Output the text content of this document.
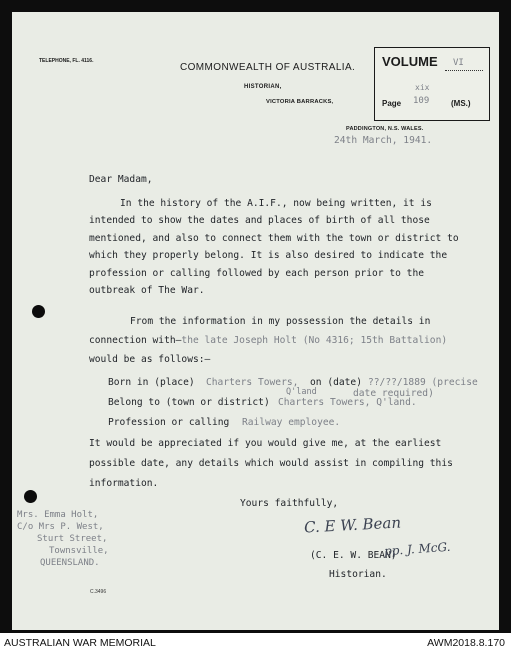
TELEPHONE, FL. 4116.
COMMONWEALTH OF AUSTRALIA.
HISTORIAN,
VICTORIA BARRACKS,
PADDINGTON, N.S. WALES.
VOLUME VI
xix
Page 109	(MS.)
24th March, 1941.
Dear Madam,
In the history of the A.I.F., now being written, it is intended to show the dates and places of birth of all those mentioned, and also to connect them with the town or district to which they properly belong. It is also desired to indicate the profession or calling followed by each person prior to the outbreak of The War.
From the information in my possession the details in
connection with—the late Joseph Holt (No 4316; 15th Battalion)
would be as follows:—
Born in (place) Charters Towers,
Q'land
on (date) ??/??/1889 (precise
date required)
Belong to (town or district) Charters Towers, Q'land.
Profession or calling Railway employee.
It would be appreciated if you would give me, at the earliest
possible date, any details which would assist in compiling this
information.
Yours faithfully,
C. E W. Bean
(C. E. W. BEAN)
pp. J. McG.
Historian.
Mrs. Emma Holt,
C/o Mrs P. West,
Sturt Street,
Townsville,
QUEENSLAND.
C.3496
AUSTRALIAN WAR MEMORIAL	AWM2018.8.170
